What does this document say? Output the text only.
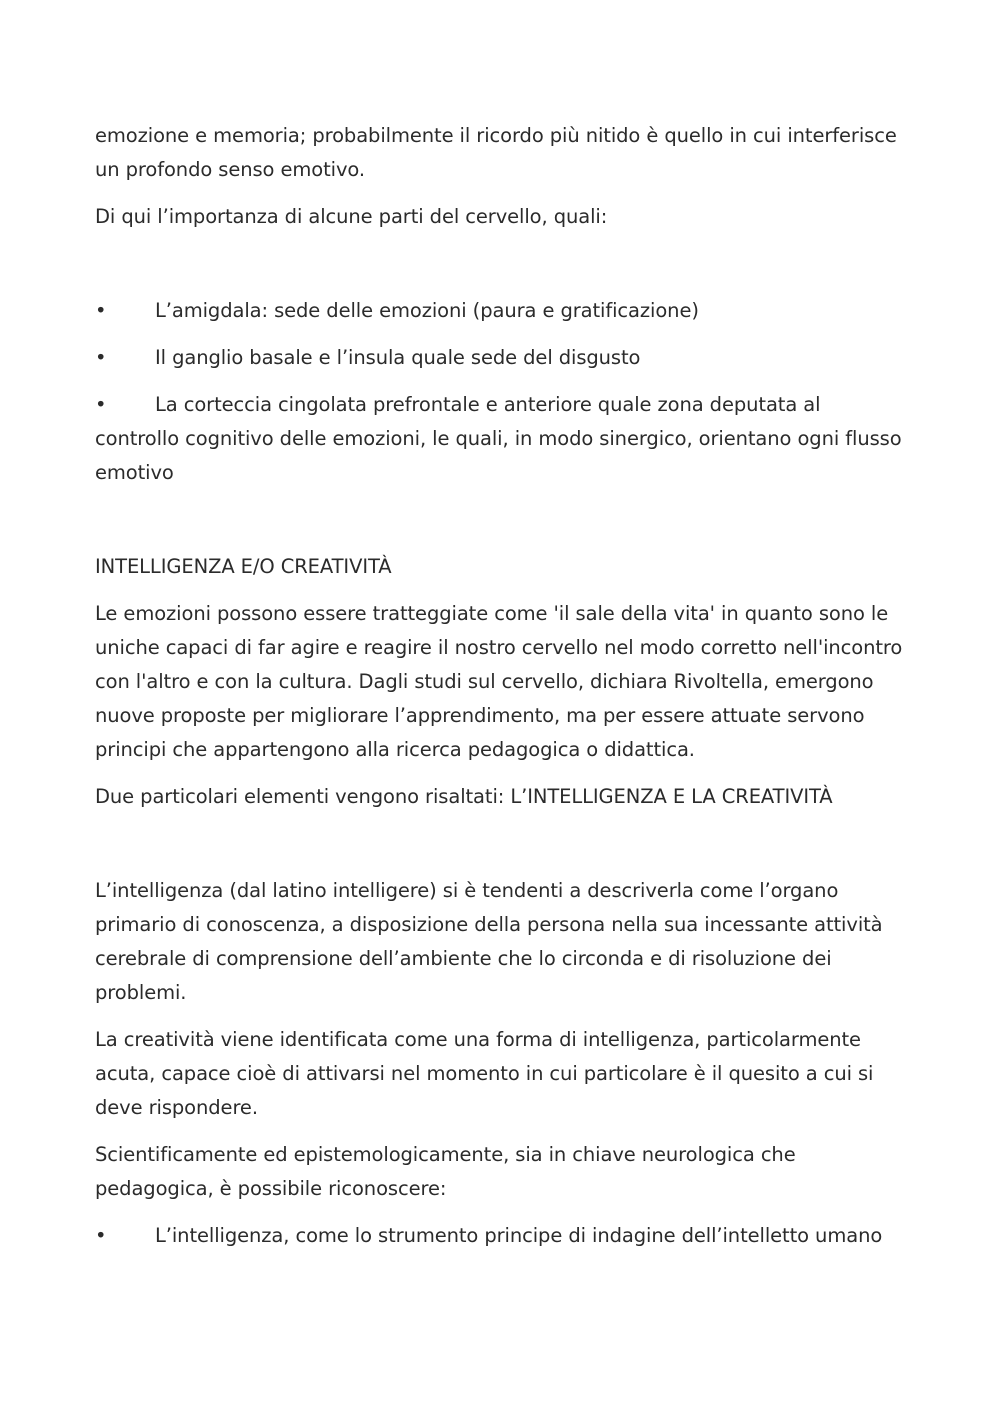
emozione e memoria; probabilmente il ricordo più nitido è quello in cui interferisce un profondo senso emotivo.

Di qui l’importanza di alcune parti del cervello, quali:

• L’amigdala: sede delle emozioni (paura e gratificazione)

• Il ganglio basale e l’insula quale sede del disgusto

• La corteccia cingolata prefrontale e anteriore quale zona deputata al controllo cognitivo delle emozioni, le quali, in modo sinergico, orientano ogni flusso emotivo

INTELLIGENZA E/O CREATIVITÀ

Le emozioni possono essere tratteggiate come 'il sale della vita' in quanto sono le uniche capaci di far agire e reagire il nostro cervello nel modo corretto nell'incontro con l'altro e con la cultura. Dagli studi sul cervello, dichiara Rivoltella, emergono nuove proposte per migliorare l’apprendimento, ma per essere attuate servono principi che appartengono alla ricerca pedagogica o didattica.

Due particolari elementi vengono risaltati: L’INTELLIGENZA E LA CREATIVITÀ

L’intelligenza (dal latino intelligere) si è tendenti a descriverla come l’organo primario di conoscenza, a disposizione della persona nella sua incessante attività cerebrale di comprensione dell’ambiente che lo circonda e di risoluzione dei problemi.

La creatività viene identificata come una forma di intelligenza, particolarmente acuta, capace cioè di attivarsi nel momento in cui particolare è il quesito a cui si deve rispondere.

Scientificamente ed epistemologicamente, sia in chiave neurologica che pedagogica, è possibile riconoscere:

• L’intelligenza, come lo strumento principe di indagine dell’intelletto umano
